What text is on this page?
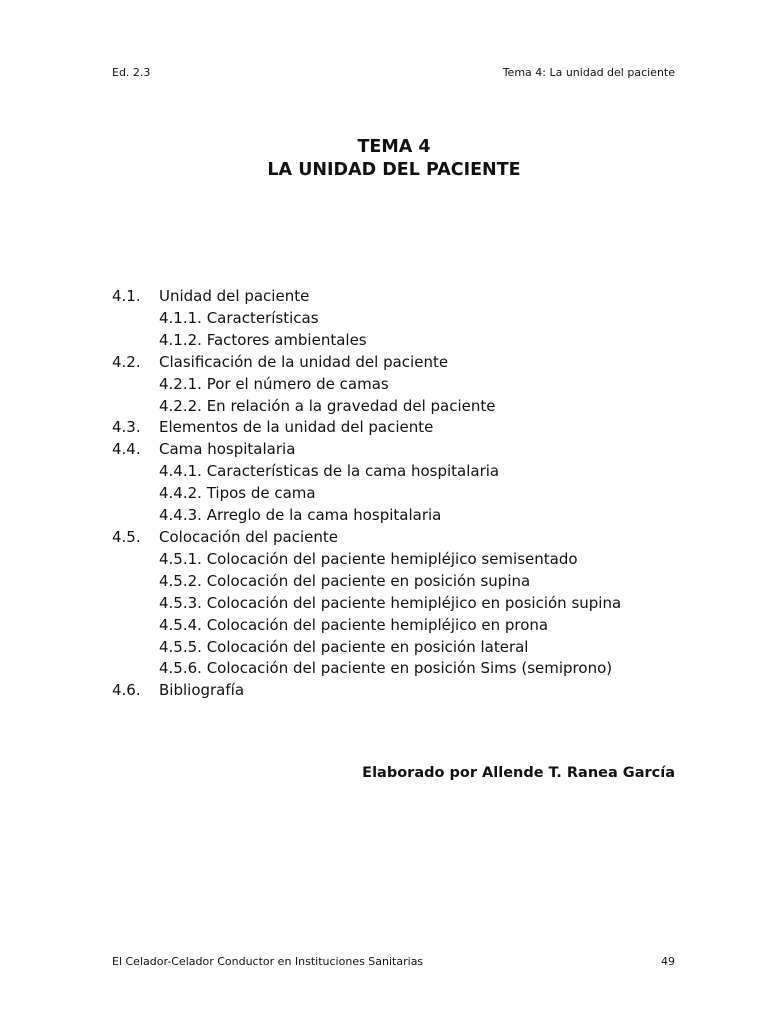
Ed. 2.3	Tema 4: La unidad del paciente
TEMA 4
LA UNIDAD DEL PACIENTE
4.1.	Unidad del paciente
4.1.1. Características
4.1.2. Factores ambientales
4.2.	Clasificación de la unidad del paciente
4.2.1. Por el número de camas
4.2.2. En relación a la gravedad del paciente
4.3.	Elementos de la unidad del paciente
4.4.	Cama hospitalaria
4.4.1. Características de la cama hospitalaria
4.4.2. Tipos de cama
4.4.3. Arreglo de la cama hospitalaria
4.5.	Colocación del paciente
4.5.1. Colocación del paciente hemipléjico semisentado
4.5.2. Colocación del paciente en posición supina
4.5.3. Colocación del paciente hemipléjico en posición supina
4.5.4. Colocación del paciente hemipléjico en prona
4.5.5. Colocación del paciente en posición lateral
4.5.6. Colocación del paciente en posición Sims (semiprono)
4.6.	Bibliografía
Elaborado por Allende T. Ranea García
El Celador-Celador Conductor en Instituciones Sanitarias	49
